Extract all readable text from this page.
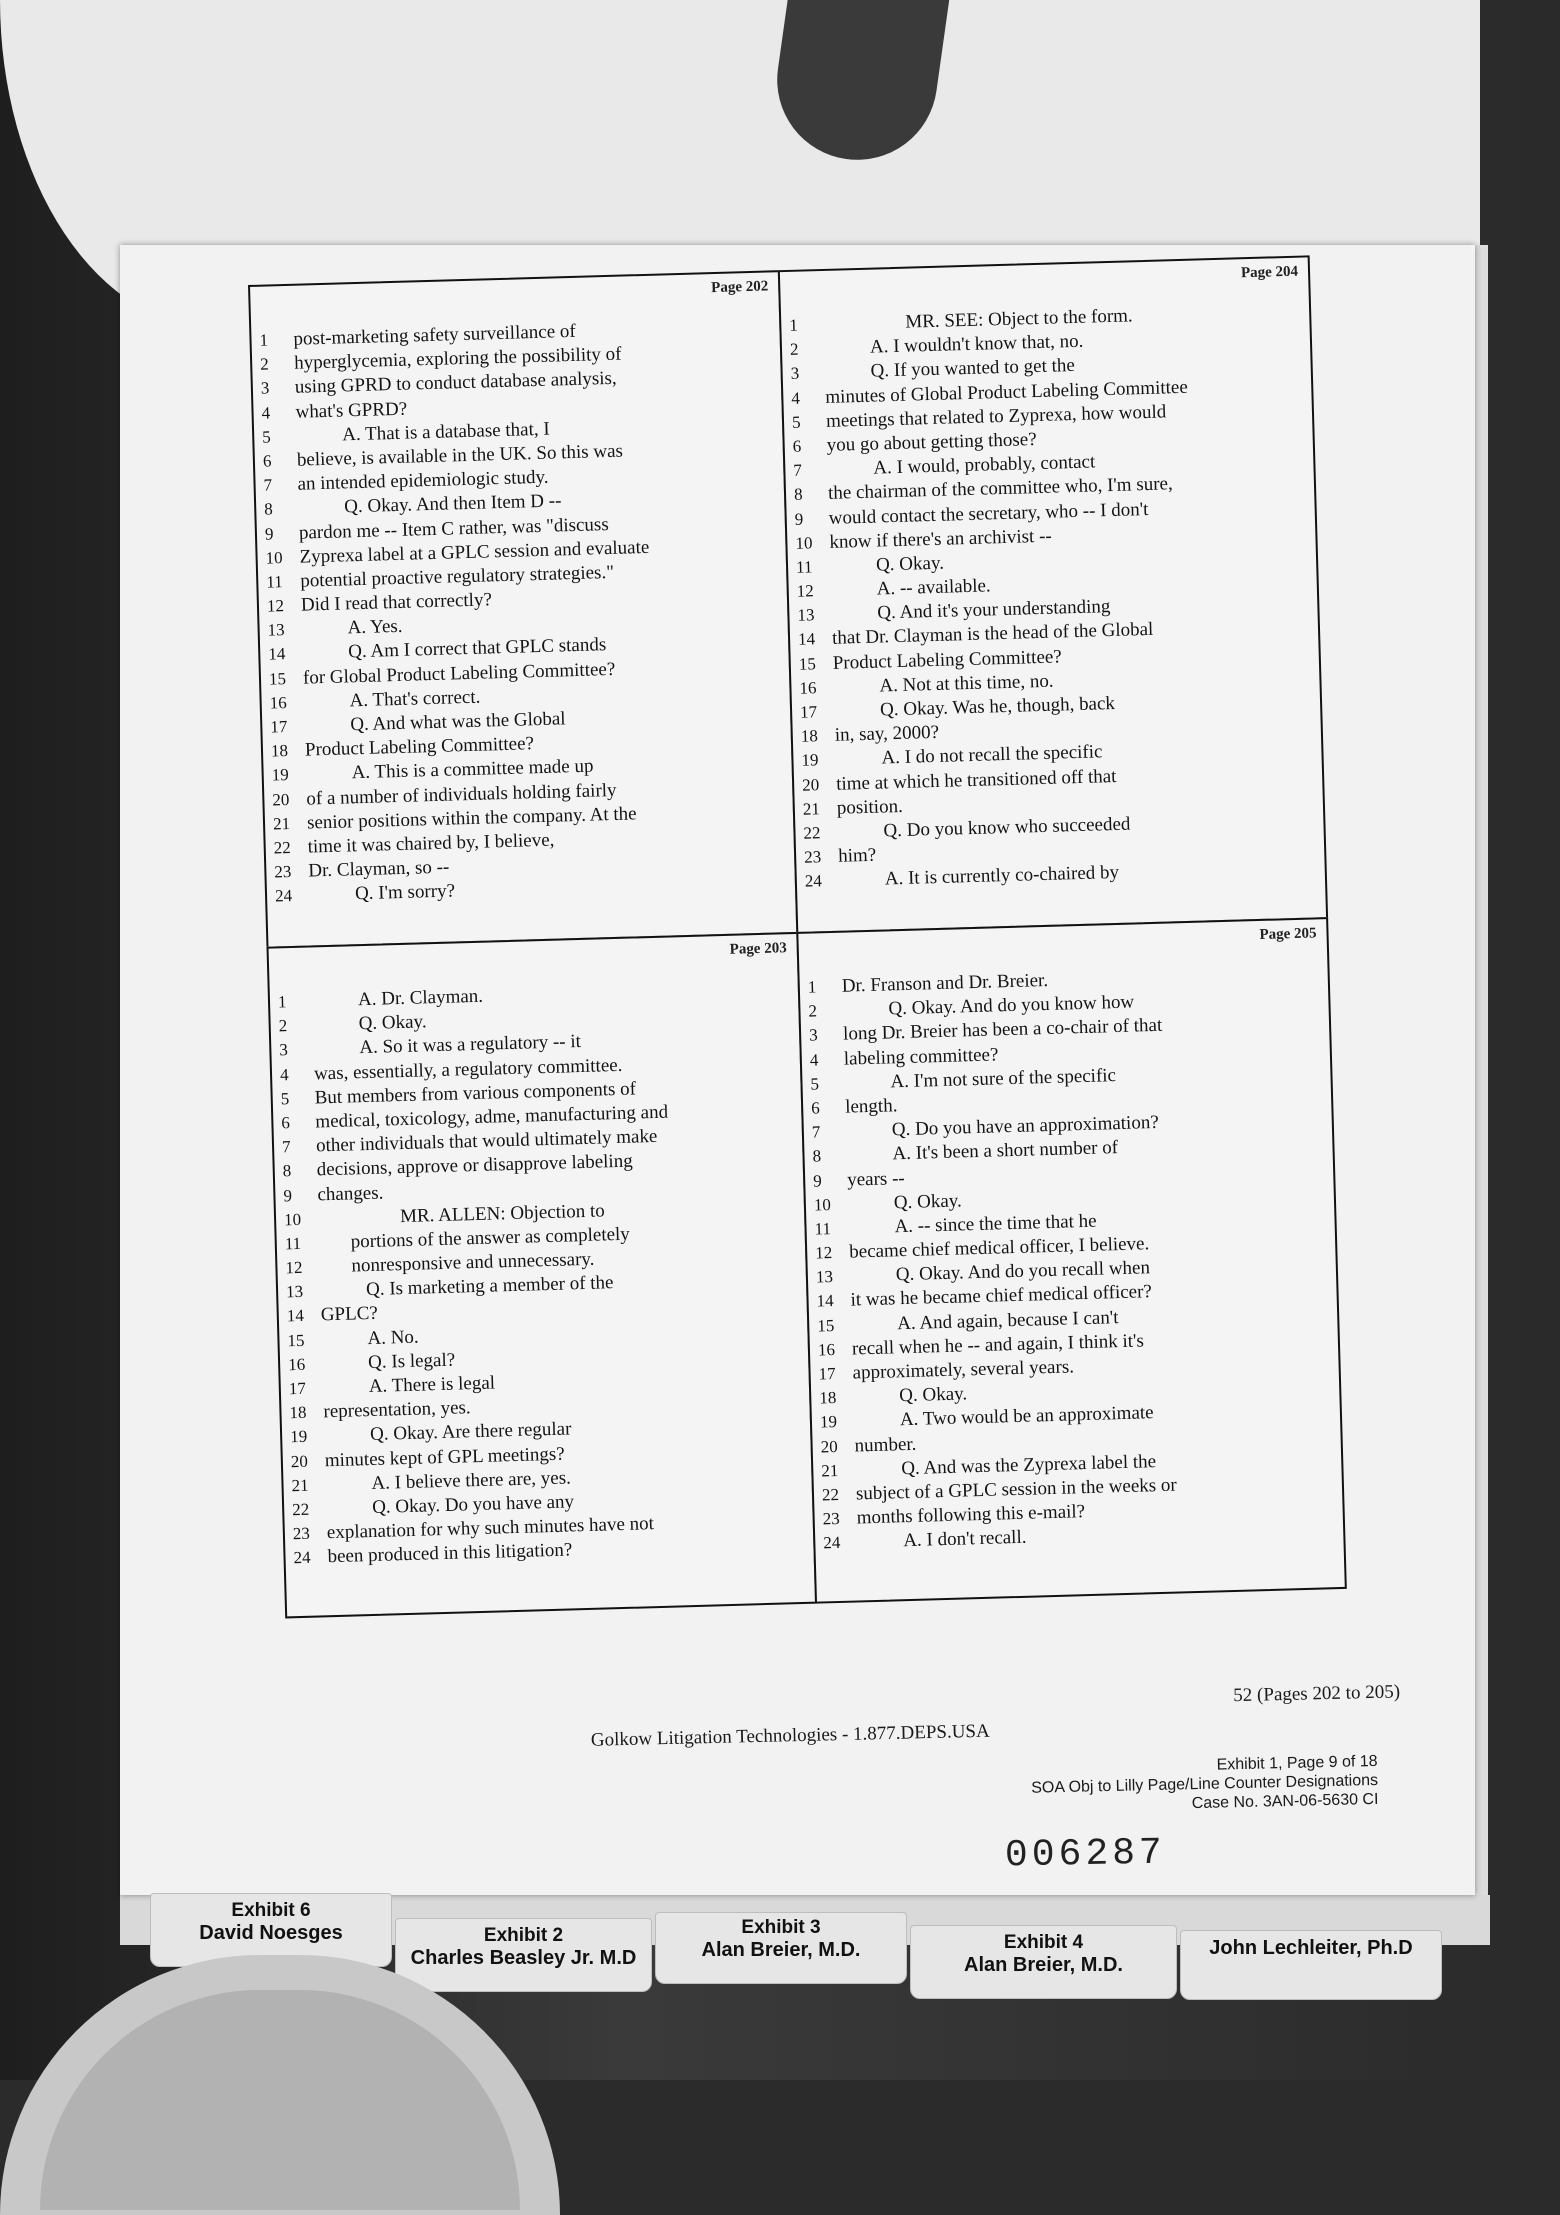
Page 202
1 post-marketing safety surveillance of
2 hyperglycemia, exploring the possibility of
3 using GPRD to conduct database analysis,
4 what's GPRD?
5	A. That is a database that, I
6 believe, is available in the UK. So this was
7 an intended epidemiologic study.
8	Q. Okay. And then Item D --
9 pardon me -- Item C rather, was "discuss
10 Zyprexa label at a GPLC session and evaluate
11 potential proactive regulatory strategies."
12 Did I read that correctly?
13	A. Yes.
14	Q. Am I correct that GPLC stands
15 for Global Product Labeling Committee?
16	A. That's correct.
17	Q. And what was the Global
18 Product Labeling Committee?
19	A. This is a committee made up
20 of a number of individuals holding fairly
21 senior positions within the company. At the
22 time it was chaired by, I believe,
23 Dr. Clayman, so --
24	Q. I'm sorry?
Page 204
1	MR. SEE: Object to the form.
2	A. I wouldn't know that, no.
3	Q. If you wanted to get the
4 minutes of Global Product Labeling Committee
5 meetings that related to Zyprexa, how would
6 you go about getting those?
7	A. I would, probably, contact
8 the chairman of the committee who, I'm sure,
9 would contact the secretary, who -- I don't
10 know if there's an archivist --
11	Q. Okay.
12	A. -- available.
13	Q. And it's your understanding
14 that Dr. Clayman is the head of the Global
15 Product Labeling Committee?
16	A. Not at this time, no.
17	Q. Okay. Was he, though, back
18 in, say, 2000?
19	A. I do not recall the specific
20 time at which he transitioned off that
21 position.
22	Q. Do you know who succeeded
23 him?
24	A. It is currently co-chaired by
Page 203
1	A. Dr. Clayman.
2	Q. Okay.
3	A. So it was a regulatory -- it
4 was, essentially, a regulatory committee.
5 But members from various components of
6 medical, toxicology, adme, manufacturing and
7 other individuals that would ultimately make
8 decisions, approve or disapprove labeling
9 changes.
10	MR. ALLEN: Objection to
11	portions of the answer as completely
12	nonresponsive and unnecessary.
13	Q. Is marketing a member of the
14 GPLC?
15	A. No.
16	Q. Is legal?
17	A. There is legal
18 representation, yes.
19	Q. Okay. Are there regular
20 minutes kept of GPL meetings?
21	A. I believe there are, yes.
22	Q. Okay. Do you have any
23 explanation for why such minutes have not
24 been produced in this litigation?
Page 205
1 Dr. Franson and Dr. Breier.
2	Q. Okay. And do you know how
3 long Dr. Breier has been a co-chair of that
4 labeling committee?
5	A. I'm not sure of the specific
6 length.
7	Q. Do you have an approximation?
8	A. It's been a short number of
9 years --
10	Q. Okay.
11	A. -- since the time that he
12 became chief medical officer, I believe.
13	Q. Okay. And do you recall when
14 it was he became chief medical officer?
15	A. And again, because I can't
16 recall when he -- and again, I think it's
17 approximately, several years.
18	Q. Okay.
19	A. Two would be an approximate
20 number.
21	Q. And was the Zyprexa label the
22 subject of a GPLC session in the weeks or
23 months following this e-mail?
24	A. I don't recall.
52 (Pages 202 to 205)
Golkow Litigation Technologies - 1.877.DEPS.USA
Exhibit 1, Page 9 of 18
SOA Obj to Lilly Page/Line Counter Designations
Case No. 3AN-06-5630 CI
006287
Exhibit 6
David Noesges	Exhibit 2
Charles Beasley Jr. M.D
Exhibit 3
Alan Breier, M.D.	Exhibit 4
Alan Breier, M.D.
John Lechleiter, Ph.D
